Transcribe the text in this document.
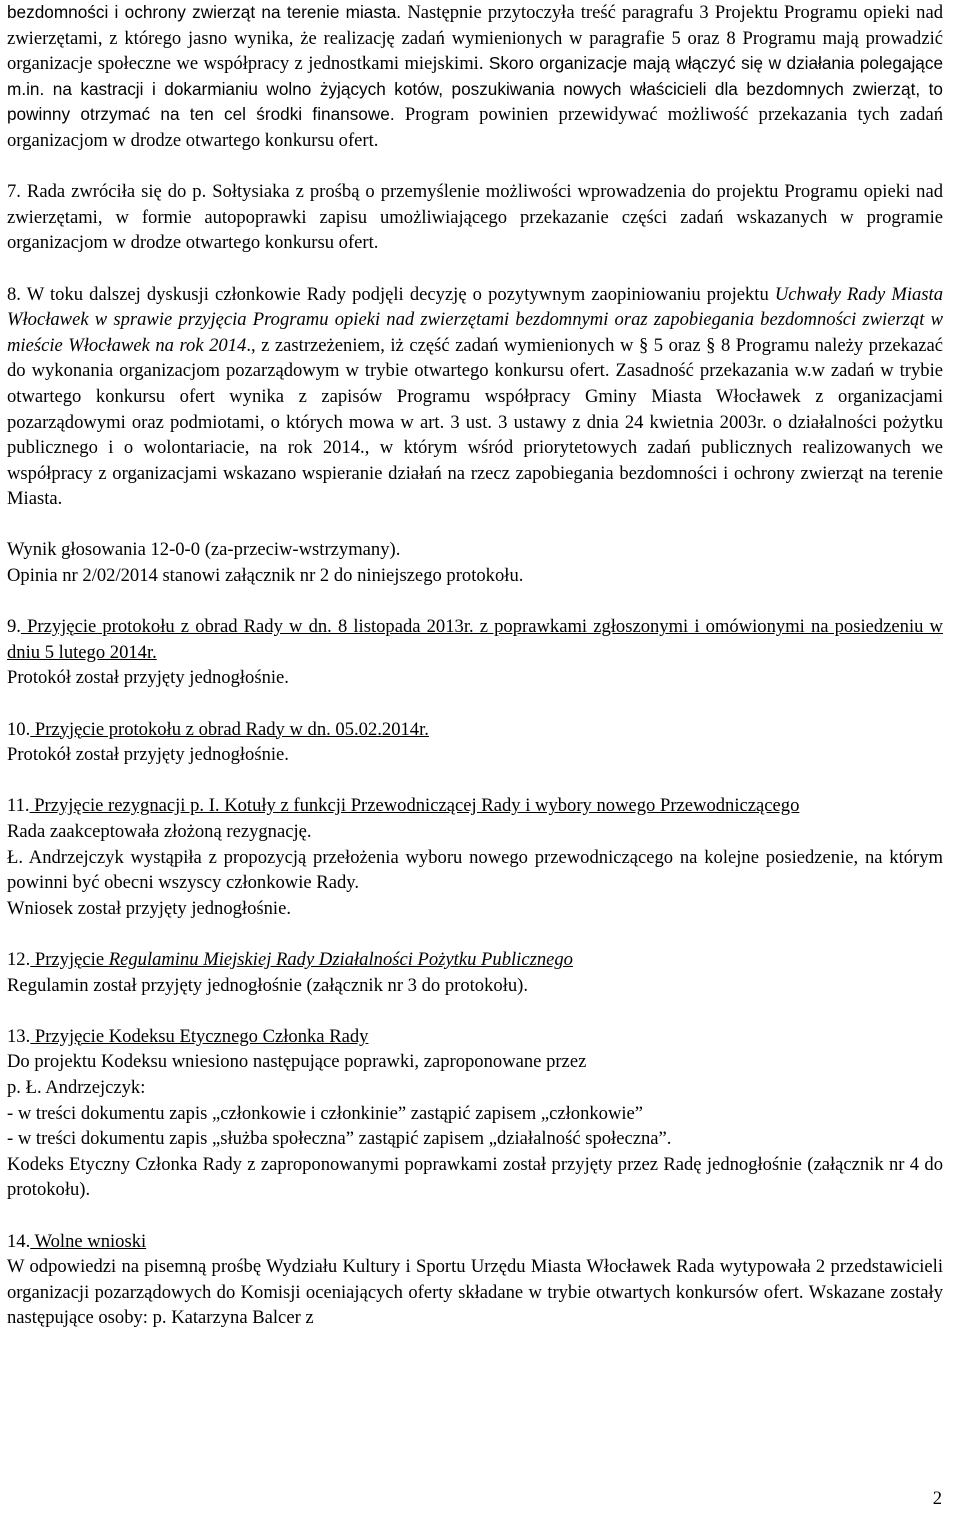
bezdomności i ochrony zwierząt na terenie miasta. Następnie przytoczyła treść paragrafu 3 Projektu Programu opieki nad zwierzętami, z którego jasno wynika, że realizację zadań wymienionych w paragrafie 5 oraz 8 Programu mają prowadzić organizacje społeczne we współpracy z jednostkami miejskimi. Skoro organizacje mają włączyć się w działania polegające m.in. na kastracji i dokarmianiu wolno żyjących kotów, poszukiwania nowych właścicieli dla bezdomnych zwierząt, to powinny otrzymać na ten cel środki finansowe. Program powinien przewidywać możliwość przekazania tych zadań organizacjom w drodze otwartego konkursu ofert.

7. Rada zwróciła się do p. Sołtysiaka z prośbą o przemyślenie możliwości wprowadzenia do projektu Programu opieki nad zwierzętami, w formie autopoprawki zapisu umożliwiającego przekazanie części zadań wskazanych w programie organizacjom w drodze otwartego konkursu ofert.

8. W toku dalszej dyskusji członkowie Rady podjęli decyzję o pozytywnym zaopiniowaniu projektu Uchwały Rady Miasta Włocławek w sprawie przyjęcia Programu opieki nad zwierzętami bezdomnymi oraz zapobiegania bezdomności zwierząt w mieście Włocławek na rok 2014., z zastrzeżeniem, iż część zadań wymienionych w § 5 oraz § 8 Programu należy przekazać do wykonania organizacjom pozarządowym w trybie otwartego konkursu ofert. Zasadność przekazania w.w zadań w trybie otwartego konkursu ofert wynika z zapisów Programu współpracy Gminy Miasta Włocławek z organizacjami pozarządowymi oraz podmiotami, o których mowa w art. 3 ust. 3 ustawy z dnia 24 kwietnia 2003r. o działalności pożytku publicznego i o wolontariacie, na rok 2014., w którym wśród priorytetowych zadań publicznych realizowanych we współpracy z organizacjami wskazano wspieranie działań na rzecz zapobiegania bezdomności i ochrony zwierząt na terenie Miasta.

Wynik głosowania 12-0-0 (za-przeciw-wstrzymany).

Opinia nr 2/02/2014 stanowi załącznik nr 2 do niniejszego protokołu.

9. Przyjęcie protokołu z obrad Rady w dn. 8 listopada 2013r. z poprawkami zgłoszonymi i omówionymi na posiedzeniu w dniu 5 lutego 2014r.

Protokół został przyjęty jednogłośnie.

10. Przyjęcie protokołu z obrad Rady w dn. 05.02.2014r.

Protokół został przyjęty jednogłośnie.

11. Przyjęcie rezygnacji p. I. Kotuły z funkcji Przewodniczącej Rady i wybory nowego Przewodniczącego

Rada zaakceptowała złożoną rezygnację.

Ł. Andrzejczyk wystąpiła z propozycją przełożenia wyboru nowego przewodniczącego na kolejne posiedzenie, na którym powinni być obecni wszyscy członkowie Rady.

Wniosek został przyjęty jednogłośnie.

12. Przyjęcie Regulaminu Miejskiej Rady Działalności Pożytku Publicznego

Regulamin został przyjęty jednogłośnie (załącznik nr 3 do protokołu).

13. Przyjęcie Kodeksu Etycznego Członka Rady

Do projektu Kodeksu wniesiono następujące poprawki, zaproponowane przez

p. Ł. Andrzejczyk:

- w treści dokumentu zapis „członkowie i członkinie” zastąpić zapisem „członkowie”

- w treści dokumentu zapis „służba społeczna” zastąpić zapisem „działalność społeczna”.

Kodeks Etyczny Członka Rady z zaproponowanymi poprawkami został przyjęty przez Radę jednogłośnie (załącznik nr 4 do protokołu).

14. Wolne wnioski

W odpowiedzi na pisemną prośbę Wydziału Kultury i Sportu Urzędu Miasta Włocławek Rada wytypowała 2 przedstawicieli organizacji pozarządowych do Komisji oceniających oferty składane w trybie otwartych konkursów ofert. Wskazane zostały następujące osoby: p. Katarzyna Balcer z

2
